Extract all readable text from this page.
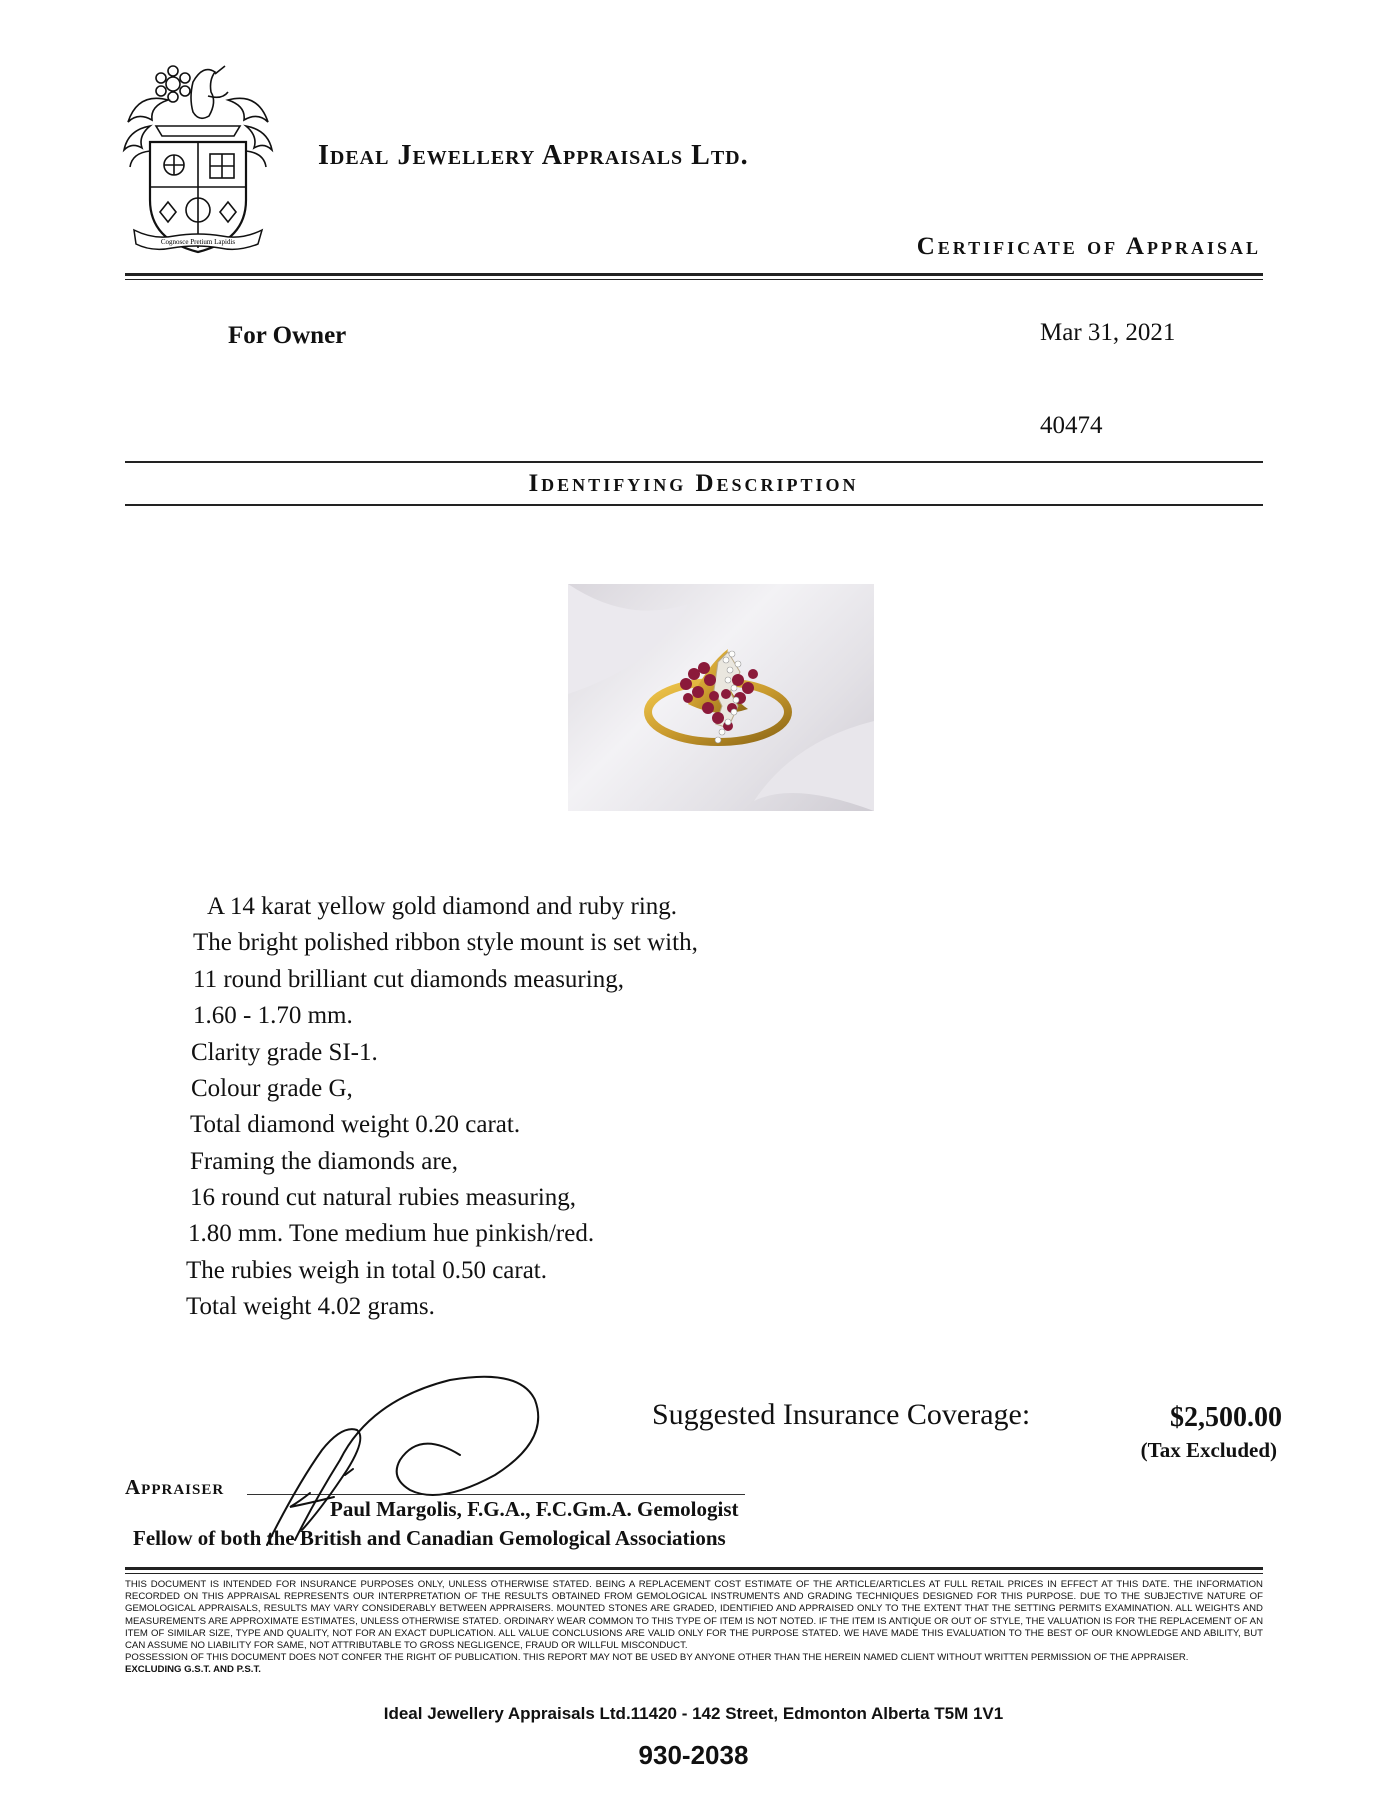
Cognosce Pretium Lapidis
Ideal Jewellery Appraisals Ltd.
Certificate of Appraisal
For Owner	Mar 31, 2021
40474
Identifying Description
A 14 karat yellow gold diamond and ruby ring.
The bright polished ribbon style mount is set with,
11 round brilliant cut diamonds measuring,
1.60 - 1.70 mm.
Clarity grade SI-1.
Colour grade G,
Total diamond weight 0.20 carat.
Framing the diamonds are,
16 round cut natural rubies measuring,
1.80 mm. Tone medium hue pinkish/red.
The rubies weigh in total 0.50 carat.
Total weight 4.02 grams.
Suggested Insurance Coverage:	$2,500.00
(Tax Excluded)
Appraiser
Paul Margolis, F.G.A., F.C.Gm.A. Gemologist
Fellow of both the British and Canadian Gemological Associations

THIS DOCUMENT IS INTENDED FOR INSURANCE PURPOSES ONLY, UNLESS OTHERWISE STATED. BEING A REPLACEMENT COST ESTIMATE OF THE ARTICLE/ARTICLES AT FULL RETAIL PRICES IN EFFECT AT THIS DATE. THE INFORMATION RECORDED ON THIS APPRAISAL REPRESENTS OUR INTERPRETATION OF THE RESULTS OBTAINED FROM GEMOLOGICAL INSTRUMENTS AND GRADING TECHNIQUES DESIGNED FOR THIS PURPOSE. DUE TO THE SUBJECTIVE NATURE OF GEMOLOGICAL APPRAISALS, RESULTS MAY VARY CONSIDERABLY BETWEEN APPRAISERS. MOUNTED STONES ARE GRADED, IDENTIFIED AND APPRAISED ONLY TO THE EXTENT THAT THE SETTING PERMITS EXAMINATION. ALL WEIGHTS AND MEASUREMENTS ARE APPROXIMATE ESTIMATES, UNLESS OTHERWISE STATED. ORDINARY WEAR COMMON TO THIS TYPE OF ITEM IS NOT NOTED. IF THE ITEM IS ANTIQUE OR OUT OF STYLE, THE VALUATION IS FOR THE REPLACEMENT OF AN ITEM OF SIMILAR SIZE, TYPE AND QUALITY, NOT FOR AN EXACT DUPLICATION. ALL VALUE CONCLUSIONS ARE VALID ONLY FOR THE PURPOSE STATED. WE HAVE MADE THIS EVALUATION TO THE BEST OF OUR KNOWLEDGE AND ABILITY, BUT CAN ASSUME NO LIABILITY FOR SAME, NOT ATTRIBUTABLE TO GROSS NEGLIGENCE, FRAUD OR WILLFUL MISCONDUCT.

POSSESSION OF THIS DOCUMENT DOES NOT CONFER THE RIGHT OF PUBLICATION. THIS REPORT MAY NOT BE USED BY ANYONE OTHER THAN THE HEREIN NAMED CLIENT WITHOUT WRITTEN PERMISSION OF THE APPRAISER.

EXCLUDING G.S.T. AND P.S.T.

Ideal Jewellery Appraisals Ltd.11420 - 142 Street, Edmonton Alberta T5M 1V1
930-2038
